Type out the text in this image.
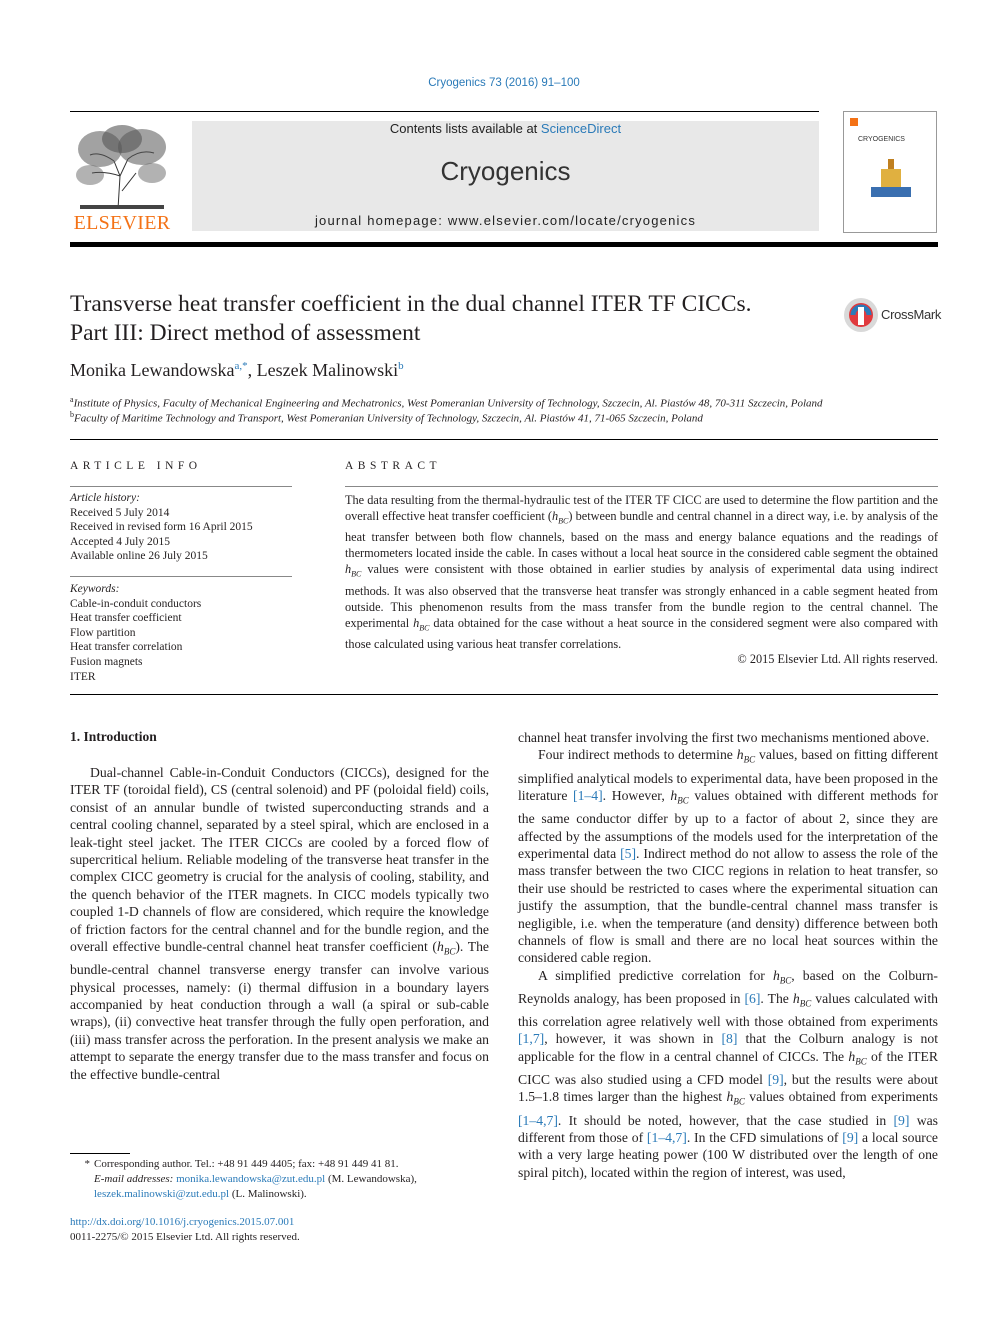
Cryogenics 73 (2016) 91–100
ELSEVIER
Contents lists available at ScienceDirect
Cryogenics
journal homepage: www.elsevier.com/locate/cryogenics
CRYOGENICS
Transverse heat transfer coefficient in the dual channel ITER TF CICCs.
Part III: Direct method of assessment
CrossMark
Monika Lewandowska$^{a,*}$, Leszek Malinowski$^b$
$^a$Institute of Physics, Faculty of Mechanical Engineering and Mechatronics, West Pomeranian University of Technology, Szczecin, Al. Piastów 48, 70-311 Szczecin, Poland
$^b$Faculty of Maritime Technology and Transport, West Pomeranian University of Technology, Szczecin, Al. Piastów 41, 71-065 Szczecin, Poland
ARTICLE INFO
Article history:
Received 5 July 2014
Received in revised form 16 April 2015
Accepted 4 July 2015
Available online 26 July 2015
Keywords:
Cable-in-conduit conductors
Heat transfer coefficient
Flow partition
Heat transfer correlation
Fusion magnets
ITER
ABSTRACT
The data resulting from the thermal-hydraulic test of the ITER TF CICC are used to determine the flow partition and the overall effective heat transfer coefficient $(h_{BC})$ between bundle and central channel in a direct way, i.e. by analysis of the heat transfer between both flow channels, based on the mass and energy balance equations and the readings of thermometers located inside the cable. In cases without a local heat source in the considered cable segment the obtained $h_{BC}$ values were consistent with those obtained in earlier studies by analysis of experimental data using indirect methods. It was also observed that the transverse heat transfer was strongly enhanced in a cable segment heated from outside. This phenomenon results from the mass transfer from the bundle region to the central channel. The experimental $h_{BC}$ data obtained for the case without a heat source in the considered segment were also compared with those calculated using various heat transfer correlations.
© 2015 Elsevier Ltd. All rights reserved.
1. Introduction

Dual-channel Cable-in-Conduit Conductors (CICCs), designed for the ITER TF (toroidal field), CS (central solenoid) and PF (poloidal field) coils, consist of an annular bundle of twisted superconducting strands and a central cooling channel, separated by a steel spiral, which are enclosed in a leak-tight steel jacket. The ITER CICCs are cooled by a forced flow of supercritical helium. Reliable modeling of the transverse heat transfer in the complex CICC geometry is crucial for the analysis of cooling, stability, and the quench behavior of the ITER magnets. In CICC models typically two coupled 1-D channels of flow are considered, which require the knowledge of friction factors for the central channel and for the bundle region, and the overall effective bundle-central channel heat transfer coefficient $(h_{BC})$. The bundle-central channel transverse energy transfer can involve various physical processes, namely: (i) thermal diffusion in a boundary layers accompanied by heat conduction through a wall (a spiral or sub-cable wraps), (ii) convective heat transfer through the fully open perforation, and (iii) mass transfer across the perforation. In the present analysis we make an attempt to separate the energy transfer due to the mass transfer and focus on the effective bundle-central

channel heat transfer involving the first two mechanisms mentioned above.

Four indirect methods to determine $h_{BC}$ values, based on fitting different simplified analytical models to experimental data, have been proposed in the literature [1–4]. However, $h_{BC}$ values obtained with different methods for the same conductor differ by up to a factor of about 2, since they are affected by the assumptions of the models used for the interpretation of the experimental data [5]. Indirect method do not allow to assess the role of the mass transfer between the two CICC regions in relation to heat transfer, so their use should be restricted to cases where the experimental situation can justify the assumption, that the bundle-central channel mass transfer is negligible, i.e. when the temperature (and density) difference between both channels of flow is small and there are no local heat sources within the considered cable region.

A simplified predictive correlation for $h_{BC}$, based on the Colburn-Reynolds analogy, has been proposed in [6]. The $h_{BC}$ values calculated with this correlation agree relatively well with those obtained from experiments [1,7], however, it was shown in [8] that the Colburn analogy is not applicable for the flow in a central channel of CICCs. The $h_{BC}$ of the ITER CICC was also studied using a CFD model [9], but the results were about 1.5–1.8 times larger than the highest $h_{BC}$ values obtained from experiments [1–4,7]. It should be noted, however, that the case studied in [9] was different from those of [1–4,7]. In the CFD simulations of [9] a local source with a very large heating power (100 W distributed over the length of one spiral pitch), located within the region of interest, was used,

* Corresponding author. Tel.: +48 91 449 4405; fax: +48 91 449 41 81.
E-mail addresses: monika.lewandowska@zut.edu.pl (M. Lewandowska), leszek.malinowski@zut.edu.pl (L. Malinowski).
http://dx.doi.org/10.1016/j.cryogenics.2015.07.001
0011-2275/© 2015 Elsevier Ltd. All rights reserved.
